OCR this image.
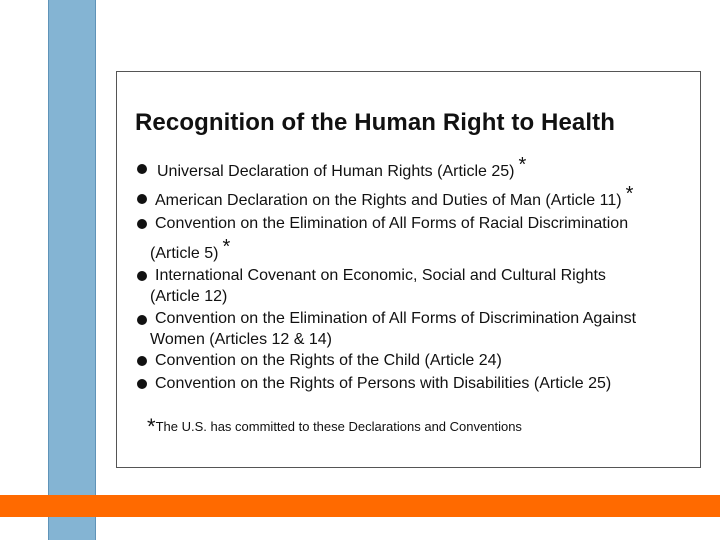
Recognition of the Human Right to Health
Universal Declaration of Human Rights (Article 25) *
American Declaration on the Rights and Duties of Man (Article 11) *
Convention on the Elimination of All Forms of Racial Discrimination
(Article 5) *
International Covenant on Economic, Social and Cultural Rights
(Article 12)
Convention on the Elimination of All Forms of Discrimination Against
Women (Articles 12 & 14)
Convention on the Rights of the Child (Article 24)
Convention on the Rights of Persons with Disabilities (Article 25)
*The U.S. has committed to these Declarations and Conventions
